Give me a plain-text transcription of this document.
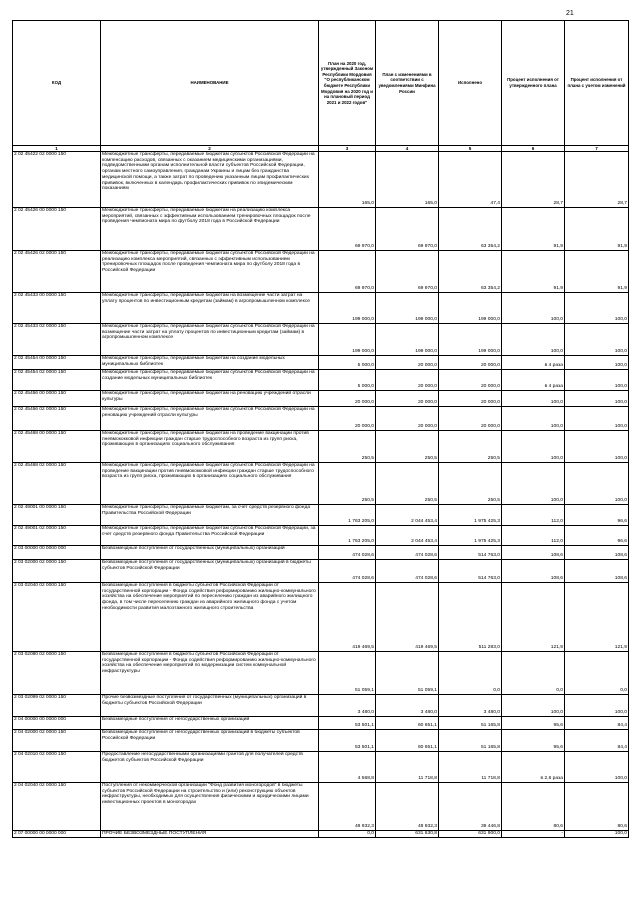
21
КОД	НАИМЕНОВАНИЕ	План на 2020 год, утвержденный Законом Республики Мордовия "О республиканском бюджете Республики Мордовия на 2020 год и на плановый период 2021 и 2022 годов"	План с изменениями в соответствии с уведомлениями Минфина России	Исполнено	Процент исполнения от утвержденного плана	Процент исполнения от плана с учетом изменений
1	2	3	4	5	6	7
2 02 45422 02 0000 150	Межбюджетные трансферты, передаваемые бюджетам субъектов Российской Федерации на компенсацию расходов, связанных с оказанием медицинскими организациями, подведомственными органам исполнительной власти субъектов Российской Федерации, органам местного самоуправления, гражданам Украины и лицам без гражданства медицинской помощи, а также затрат по проведению указанным лицам профилактических прививок, включенных в календарь профилактических прививок по эпидемическим показаниям	165,0	165,0	47,4	28,7	28,7
2 02 45426 00 0000 150	Межбюджетные трансферты, передаваемые бюджетам на реализацию комплекса мероприятий, связанных с эффективным использованием тренировочных площадок после проведения чемпионата мира по футболу 2018 года в Российской Федерации	69 970,0	69 970,0	63 354,2	91,9	91,9
2 02 45426 02 0000 150	Межбюджетные трансферты, передаваемые бюджетам субъектов Российской Федерации на реализацию комплекса мероприятий, связанных с эффективным использованием тренировочных площадок после проведения чемпионата мира по футболу 2018 года в Российской Федерации	69 970,0	69 970,0	63 354,2	91,9	91,9
2 02 45433 00 0000 150	Межбюджетные трансферты, передаваемые бюджетам на возмещение части затрат на уплату процентов по инвестиционным кредитам (займам) в агропромышленном комплексе	199 000,0	199 000,0	199 000,0	100,0	100,0
2 02 45433 02 0000 150	Межбюджетные трансферты, передаваемые бюджетам субъектов Российской Федерации на возмещение части затрат на уплату процентов по инвестиционным кредитам (займам) в агропромышленном комплексе	199 000,0	199 000,0	199 000,0	100,0	100,0
2 02 45454 00 0000 150	Межбюджетные трансферты, передаваемые бюджетам на создание модельных муниципальных библиотек	5 000,0	20 000,0	20 000,0	в 4 раза	100,0
2 02 45454 02 0000 150	Межбюджетные трансферты, передаваемые бюджетам субъектов Российской Федерации на создание модельных муниципальных библиотек	5 000,0	20 000,0	20 000,0	в 4 раза	100,0
2 02 45456 00 0000 150	Межбюджетные трансферты, передаваемые бюджетам на реновацию учреждений отрасли культуры	20 000,0	20 000,0	20 000,0	100,0	100,0
2 02 45456 02 0000 150	Межбюджетные трансферты, передаваемые бюджетам субъектов Российской Федерации на реновацию учреждений отрасли культуры	20 000,0	20 000,0	20 000,0	100,0	100,0
2 02 45468 00 0000 150	Межбюджетные трансферты, передаваемые бюджетам на проведение вакцинации против пневмококковой инфекции граждан старше трудоспособного возраста из групп риска, проживающих в организациях социального обслуживания	250,5	250,5	250,5	100,0	100,0
2 02 45468 02 0000 150	Межбюджетные трансферты, передаваемые бюджетам субъектов Российской Федерации на проведение вакцинации против пневмококковой инфекции граждан старше трудоспособного возраста из групп риска, проживающих в организациях социального обслуживания	250,5	250,5	250,5	100,0	100,0
2 02 49001 00 0000 150	Межбюджетные трансферты, передаваемые бюджетам, за счет средств резервного фонда Правительства Российской Федерации	1 763 205,0	2 044 453,4	1 975 425,3	112,0	96,6
2 02 49001 02 0000 150	Межбюджетные трансферты, передаваемые бюджетам субъектов Российской Федерации, за счет средств резервного фонда Правительства Российской Федерации	1 763 205,0	2 044 453,4	1 975 425,3	112,0	96,6
2 03 00000 00 0000 000	Безвозмездные поступления от государственных (муниципальных) организаций	474 028,6	474 028,6	514 763,0	108,6	108,6
2 03 02000 02 0000 150	Безвозмездные поступления от государственных (муниципальных) организаций в бюджеты субъектов Российской Федерации	474 028,6	474 028,6	514 763,0	108,6	108,6
2 03 02040 02 0000 150	Безвозмездные поступления в бюджеты субъектов Российской Федерации от государственной корпорации - Фонда содействия реформированию жилищно-коммунального хозяйства на обеспечение мероприятий по переселению граждан из аварийного жилищного фонда, в том числе переселению граждан из аварийного жилищного фонда с учетом необходимости развития малоэтажного жилищного строительства	419 469,5	419 469,5	511 283,0	121,9	121,9
2 03 02080 02 0000 150	Безвозмездные поступления в бюджеты субъектов Российской Федерации от государственной корпорации - Фонда содействия реформированию жилищно-коммунального хозяйства на обеспечение мероприятий по модернизации систем коммунальной инфраструктуры	51 059,1	51 059,1	0,0	0,0	0,0
2 03 02099 02 0000 150	Прочие безвозмездные поступления от государственных (муниципальных) организаций в бюджеты субъектов Российской Федерации	3 480,0	3 480,0	3 480,0	100,0	100,0
2 04 00000 00 0000 000	Безвозмездные поступления от негосударственных организаций	53 501,1	60 651,1	51 165,8	95,6	84,4
2 04 02000 02 0000 150	Безвозмездные поступления от негосударственных организаций в бюджеты субъектов Российской Федерации	53 501,1	60 651,1	51 165,8	95,6	84,4
2 04 02010 02 0000 150	Предоставление негосударственными организациями грантов для получателей средств бюджетов субъектов Российской Федерации	4 568,8	11 718,8	11 718,8	в 2,6 раза	100,0
2 04 02040 02 0000 150	Поступления от некоммерческой организации "Фонд развития моногородов" в бюджеты субъектов Российской Федерации на строительство и (или) реконструкцию объектов инфраструктуры, необходимых для осуществления физическими и юридическими лицами инвестиционных проектов в моногородах	48 932,3	48 932,3	39 446,8	80,6	80,6
2 07 00000 00 0000 000	ПРОЧИЕ БЕЗВОЗМЕЗДНЫЕ ПОСТУПЛЕНИЯ	0,0	631 630,8	631 900,0	-	100,0
